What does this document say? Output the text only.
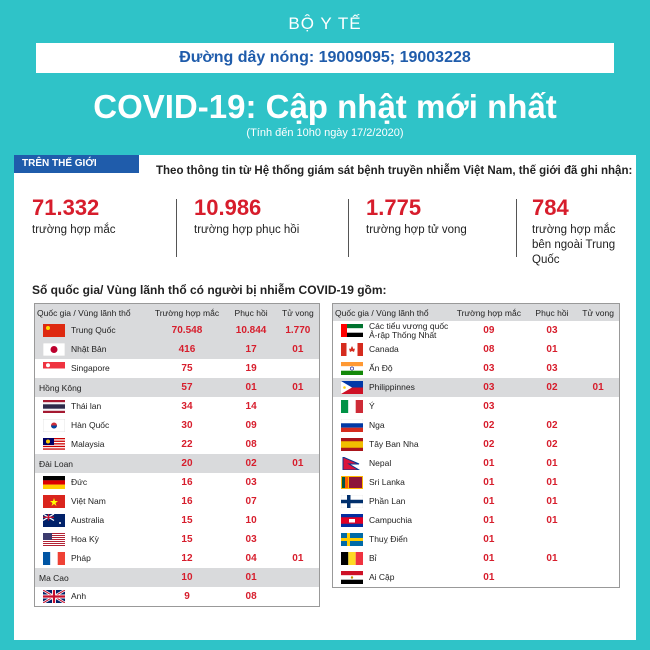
BỘ Y TẾ
Đường dây nóng: 19009095; 19003228
COVID-19: Cập nhật mới nhất
(Tính đến 10h0 ngày 17/2/2020)
TRÊN THẾ GIỚI
Theo thông tin từ Hệ thống giám sát bệnh truyền nhiễm Việt Nam, thế giới đã ghi nhận:
71.332
trường hợp mắc
10.986
trường hợp phục hồi
1.775
trường hợp tử vong
784
trường hợp mắc bên ngoài Trung Quốc
Số quốc gia/ Vùng lãnh thổ có người bị nhiễm COVID-19 gồm:
Quốc gia / Vùng lãnh thổ	Trường hợp mắc	Phục hồi	Tử vong
Trung Quốc	70.548	10.844	1.770
Nhật Bản	416	17	01
Singapore	75	19	
Hồng Kông	57	01	01
Thái lan	34	14	
Hàn Quốc	30	09	
Malaysia	22	08	
Đài Loan	20	02	01
Đức	16	03	
Việt Nam	16	07	
Australia	15	10	
Hoa Kỳ	15	03	
Pháp	12	04	01
Ma Cao	10	01	
Anh	9	08	
Quốc gia / Vùng lãnh thổ	Trường hợp mắc	Phục hồi	Tử vong
Các tiểu vương quốc Ả-rập Thống Nhất	09	03	
Canada	08	01	
Ấn Độ	03	03	
Philippinnes	03	02	01
Ý	03		
Nga	02	02	
Tây Ban Nha	02	02	
Nepal	01	01	
Sri Lanka	01	01	
Phần Lan	01	01	
Campuchia	01	01	
Thuỵ Điển	01		
Bỉ	01	01	
Ai Cập	01		
